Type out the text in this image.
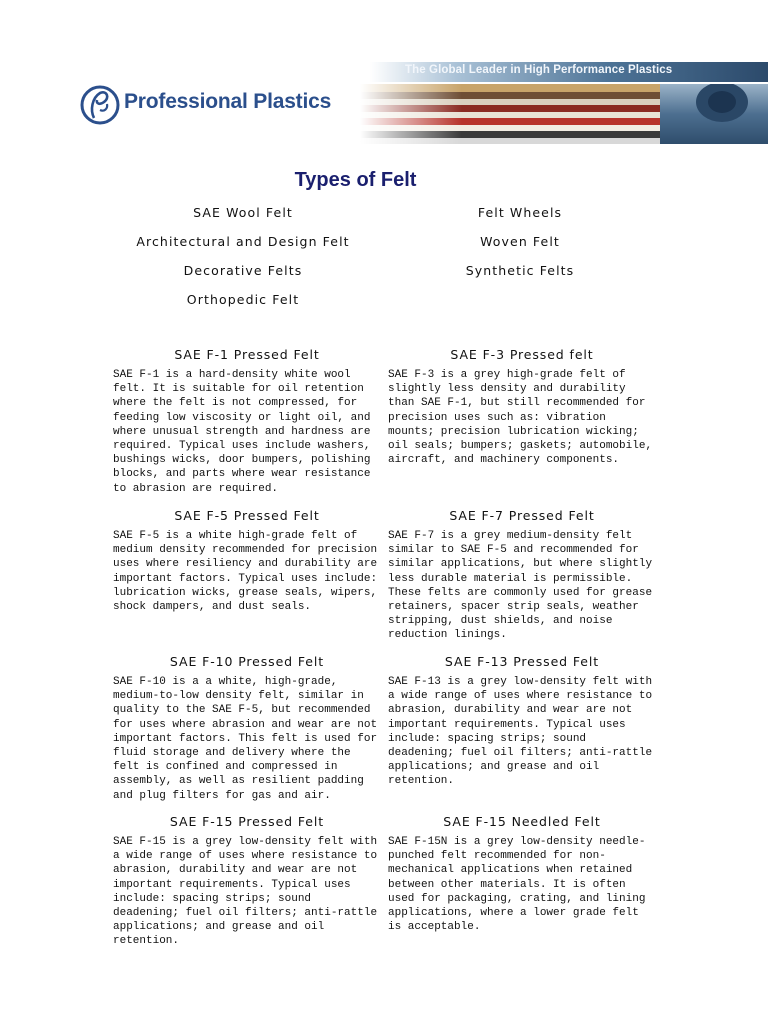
The Global Leader in High Performance Plastics
Professional Plastics
Types of Felt
SAE Wool Felt
Architectural and Design Felt
Decorative Felts
Orthopedic Felt
Felt Wheels
Woven Felt
Synthetic Felts
SAE F-1 Pressed Felt

SAE F-1 is a hard-density white wool felt. It is suitable for oil retention where the felt is not compressed, for feeding low viscosity or light oil, and where unusual strength and hardness are required. Typical uses include washers, bushings wicks, door bumpers, polishing blocks, and parts where wear resistance to abrasion are required.

SAE F-3 Pressed felt

SAE F-3 is a grey high-grade felt of slightly less density and durability than SAE F-1, but still recommended for precision uses such as: vibration mounts; precision lubrication wicking; oil seals; bumpers; gaskets; automobile, aircraft, and machinery components.

SAE F-5 Pressed Felt

SAE F-5 is a white high-grade felt of medium density recommended for precision uses where resiliency and durability are important factors. Typical uses include: lubrication wicks, grease seals, wipers, shock dampers, and dust seals.

SAE F-7 Pressed Felt

SAE F-7 is a grey medium-density felt similar to SAE F-5 and recommended for similar applications, but where slightly less durable material is permissible. These felts are commonly used for grease retainers, spacer strip seals, weather stripping, dust shields, and noise reduction linings.

SAE F-10 Pressed Felt

SAE F-10 is a a white, high-grade, medium-to-low density felt, similar in quality to the SAE F-5, but recommended for uses where abrasion and wear are not important factors. This felt is used for fluid storage and delivery where the felt is confined and compressed in assembly, as well as resilient padding and plug filters for gas and air.

SAE F-13 Pressed Felt

SAE F-13 is a grey low-density felt with a wide range of uses where resistance to abrasion, durability and wear are not important requirements. Typical uses include: spacing strips; sound deadening; fuel oil filters; anti-rattle applications; and grease and oil retention.

SAE F-15 Pressed Felt

SAE F-15 is a grey low-density felt with a wide range of uses where resistance to abrasion, durability and wear are not important requirements. Typical uses include: spacing strips; sound deadening; fuel oil filters; anti-rattle applications; and grease and oil retention.

SAE F-15 Needled Felt

SAE F-15N is a grey low-density needle-punched felt recommended for non-mechanical applications when retained between other materials. It is often used for packaging, crating, and lining applications, where a lower grade felt is acceptable.
